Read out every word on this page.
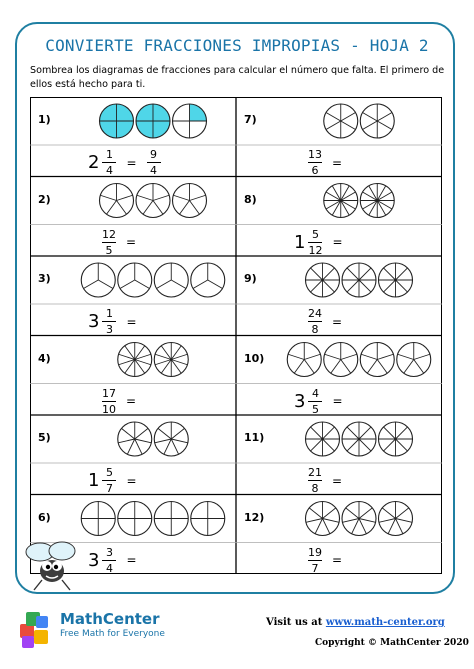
CONVIERTE FRACCIONES IMPROPIAS - HOJA 2
Sombrea los diagramas de fracciones para calcular el número que falta. El primero de ellos está hecho para ti.
1)
2 1
4
=
9
4
2)
12
5
=
3)
3 1
3
=
4)
17
10
=
5)
1 5
7
=
6)
3 3
4
=
7)
13
6
=
8)
1 5
12
=
9)
24
8
=
10)
3 4
5
=
11)
21
8
=
12)
19
7
=
MathCenter
Free Math for Everyone
Visit us at www.math-center.org
Copyright © MathCenter 2020
